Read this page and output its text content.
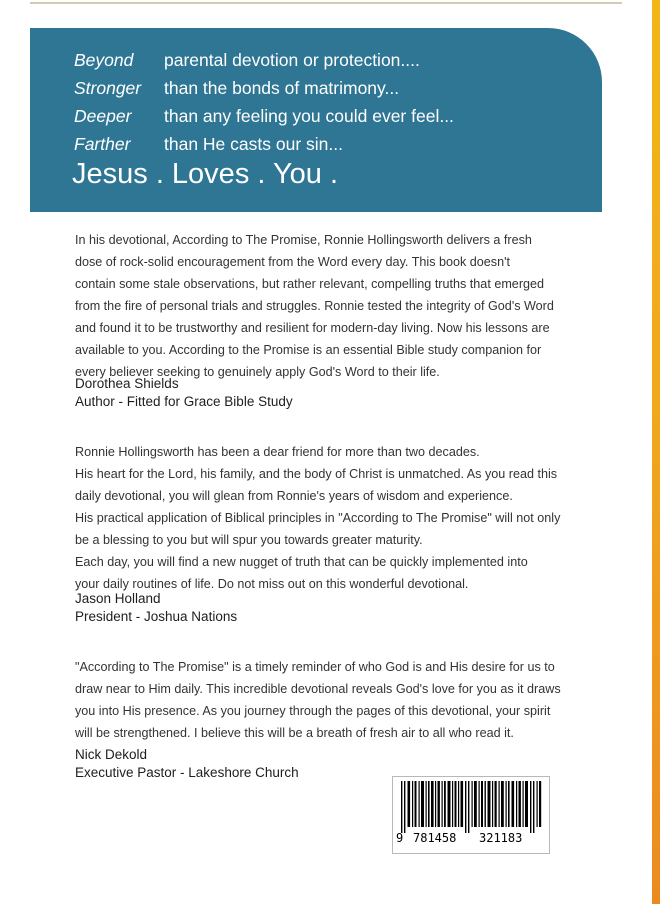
Beyond parental devotion or protection....
Stronger than the bonds of matrimony...
Deeper than any feeling you could ever feel...
Farther than He casts our sin...
Jesus . Loves . You .

In his devotional, According to The Promise, Ronnie Hollingsworth delivers a fresh

dose of rock-solid encouragement from the Word every day. This book doesn't

contain some stale observations, but rather relevant, compelling truths that emerged

from the fire of personal trials and struggles. Ronnie tested the integrity of God's Word

and found it to be trustworthy and resilient for modern-day living. Now his lessons are

available to you. According to the Promise is an essential Bible study companion for

every believer seeking to genuinely apply God's Word to their life.

Dorothea Shields
Author - Fitted for Grace Bible Study

Ronnie Hollingsworth has been a dear friend for more than two decades.

His heart for the Lord, his family, and the body of Christ is unmatched. As you read this

daily devotional, you will glean from Ronnie's years of wisdom and experience.

His practical application of Biblical principles in "According to The Promise" will not only

be a blessing to you but will spur you towards greater maturity.

Each day, you will find a new nugget of truth that can be quickly implemented into

your daily routines of life. Do not miss out on this wonderful devotional.

Jason Holland
President - Joshua Nations

"According to The Promise" is a timely reminder of who God is and His desire for us to

draw near to Him daily. This incredible devotional reveals God's love for you as it draws

you into His presence. As you journey through the pages of this devotional, your spirit

will be strengthened. I believe this will be a breath of fresh air to all who read it.

Nick Dekold
Executive Pastor - Lakeshore Church
9 781458 321183
